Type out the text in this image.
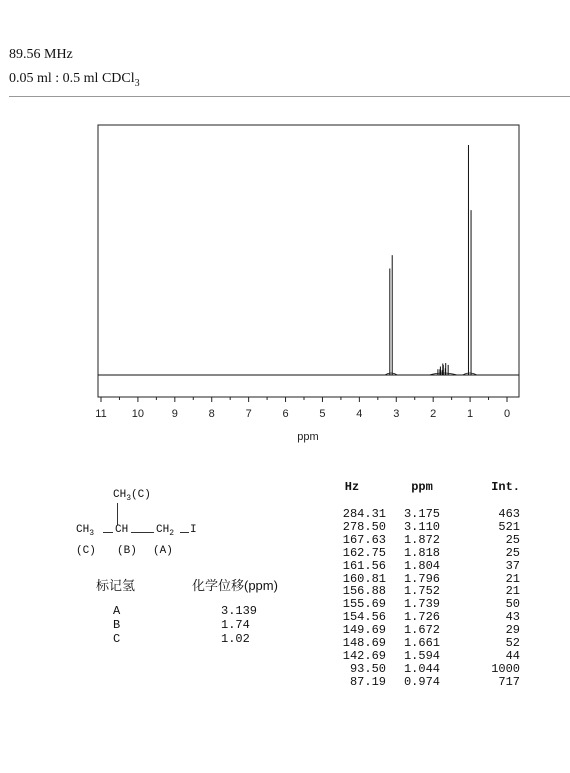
89.56 MHz
0.05 ml : 0.5 ml CDCl$_3$
11 10	9	8	7	6	5	4	3	2	1	0
ppm
$CH_3(C)$
$CH_3$ CH	$CH_2$ I
(C) (B) (A)
标记氢	化学位移(ppm)
A	3.139
B	1.74
C	1.02
Hz	ppm	Int.
284.31	3.175	463
278.50	3.110	521
167.63	1.872	25
162.75	1.818	25
161.56	1.804	37
160.81	1.796	21
156.88	1.752	21
155.69	1.739	50
154.56	1.726	43
149.69	1.672	29
148.69	1.661	52
142.69	1.594	44
93.50	1.044	1000
87.19	0.974	717
